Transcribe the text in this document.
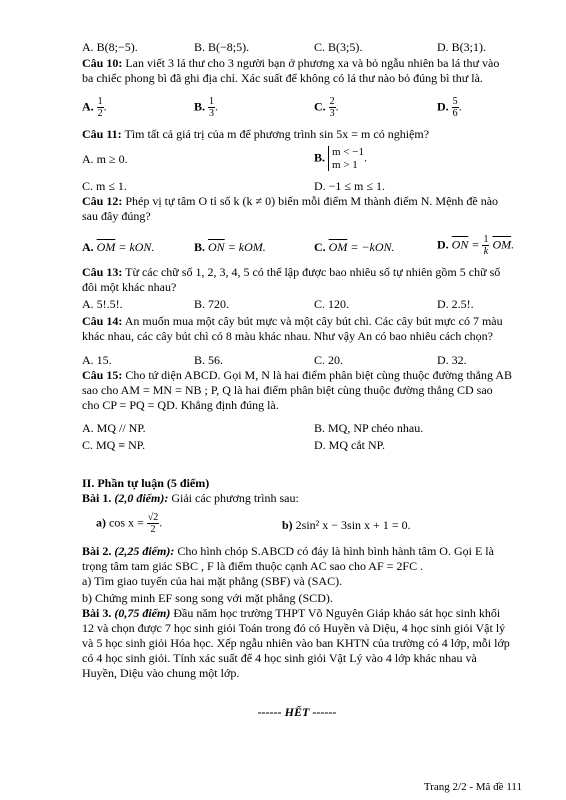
A. B(8;−5).	B. B(−8;5).	C. B(3;5).	D. B(3;1).
Câu 10: Lan viết 3 lá thư cho 3 người bạn ở phương xa và bỏ ngẫu nhiên ba lá thư vào ba chiếc phong bì đã ghi địa chỉ. Xác suất để không có lá thư nào bỏ đúng bì thư là.
A. $\frac{1}{2}$ .	B. $\frac{1}{3}$ .	C. $\frac{2}{3}$ .	D. $\frac{5}{6}$ .
Câu 11: Tìm tất cả giá trị của m để phương trình sin 5x = m có nghiệm?
A. m ≥ 0.	B. m < −1
m > 1
.
C. m ≤ 1.	D. −1 ≤ m ≤ 1.
Câu 12: Phép vị tự tâm O tỉ số k (k ≠ 0) biến mỗi điểm M thành điểm N. Mệnh đề nào sau đây đúng?
A. $\overline{OM}$ = kON.	B. $\overline{ON}$ = kOM.	C. $\overline{OM} = -kON$.	D. $\overline{ON} = \frac{1}{k} \overline{OM}$.
Câu 13: Từ các chữ số 1, 2, 3, 4, 5 có thể lập được bao nhiêu số tự nhiên gồm 5 chữ số đôi một khác nhau?
A. 5!.5!.	B. 720.	C. 120.	D. 2.5!.
Câu 14: An muốn mua một cây bút mực và một cây bút chì. Các cây bút mực có 7 màu khác nhau, các cây bút chì có 8 màu khác nhau. Như vậy An có bao nhiêu cách chọn?
A. 15.	B. 56.	C. 20.	D. 32.
Câu 15: Cho tứ diện ABCD. Gọi M, N là hai điểm phân biệt cùng thuộc đường thẳng AB sao cho AM = MN = NB ; P, Q là hai điểm phân biệt cùng thuộc đường thẳng CD sao cho CP = PQ = QD. Khẳng định đúng là.
A. MQ // NP.	B. MQ, NP chéo nhau.
C. MQ ≡ NP.	D. MQ cắt NP.
II. Phần tự luận (5 điểm)
Bài 1. (2,0 điểm): Giải các phương trình sau:
a) $\cos x = \frac{√2}{2}$ .	b) 2sin² x − 3sin x + 1 = 0.
Bài 2. (2,25 điểm): Cho hình chóp S.ABCD có đáy là hình bình hành tâm O. Gọi E là trọng tâm tam giác SBC , F là điểm thuộc cạnh AC sao cho AF = 2FC .
a) Tìm giao tuyến của hai mặt phẳng (SBF) và (SAC).
b) Chứng minh EF song song với mặt phẳng (SCD).
Bài 3. (0,75 điểm) Đầu năm học trường THPT Võ Nguyên Giáp khảo sát học sinh khối 12 và chọn được 7 học sinh giỏi Toán trong đó có Huyền và Diệu, 4 học sinh giỏi Vật lý và 5 học sinh giỏi Hóa học. Xếp ngẫu nhiên vào ban KHTN của trường có 4 lớp, mỗi lớp có 4 học sinh giỏi. Tính xác suất để 4 học sinh giỏi Vật Lý vào 4 lớp khác nhau và Huyền, Diệu vào chung một lớp.
------ HẾT ------
Trang 2/2 - Mã đề 111
